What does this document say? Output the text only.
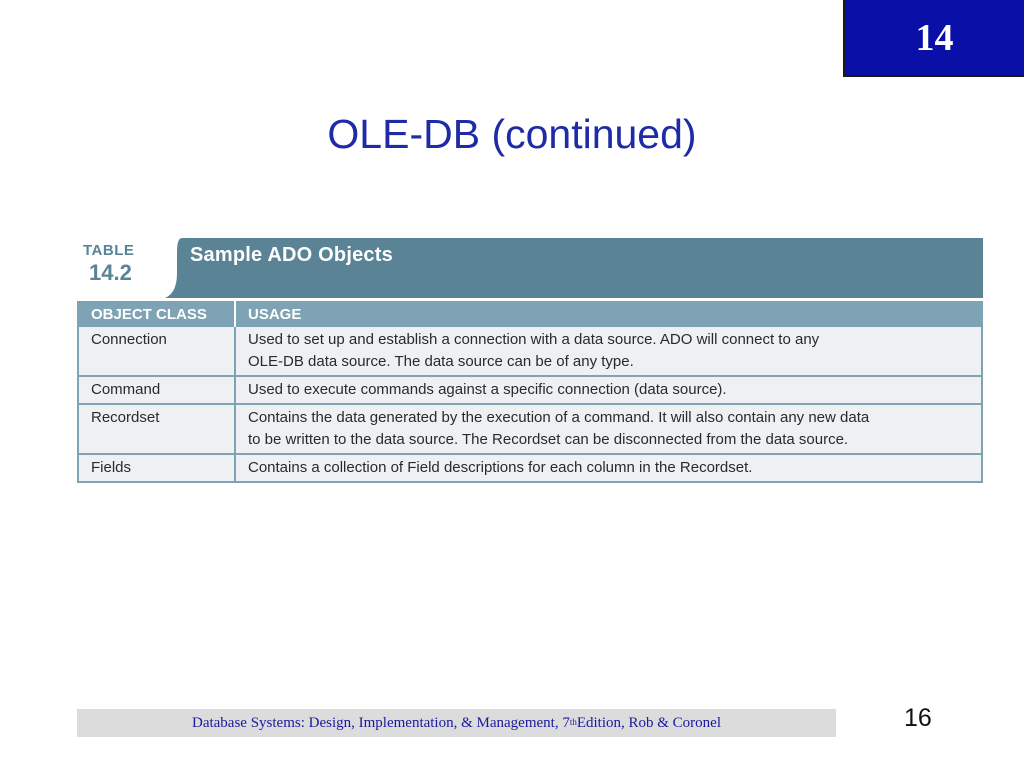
14
OLE-DB (continued)
TABLE
14.2
Sample ADO Objects
OBJECT CLASS	USAGE
Connection	Used to set up and establish a connection with a data source. ADO will connect to any
OLE-DB data source. The data source can be of any type.

Command	Used to execute commands against a specific connection (data source).

Recordset	Contains the data generated by the execution of a command. It will also contain any new data
to be written to the data source. The Recordset can be disconnected from the data source.

Fields	Contains a collection of Field descriptions for each column in the Recordset.
Database Systems: Design, Implementation, & Management, 7th Edition, Rob & Coronel	16
